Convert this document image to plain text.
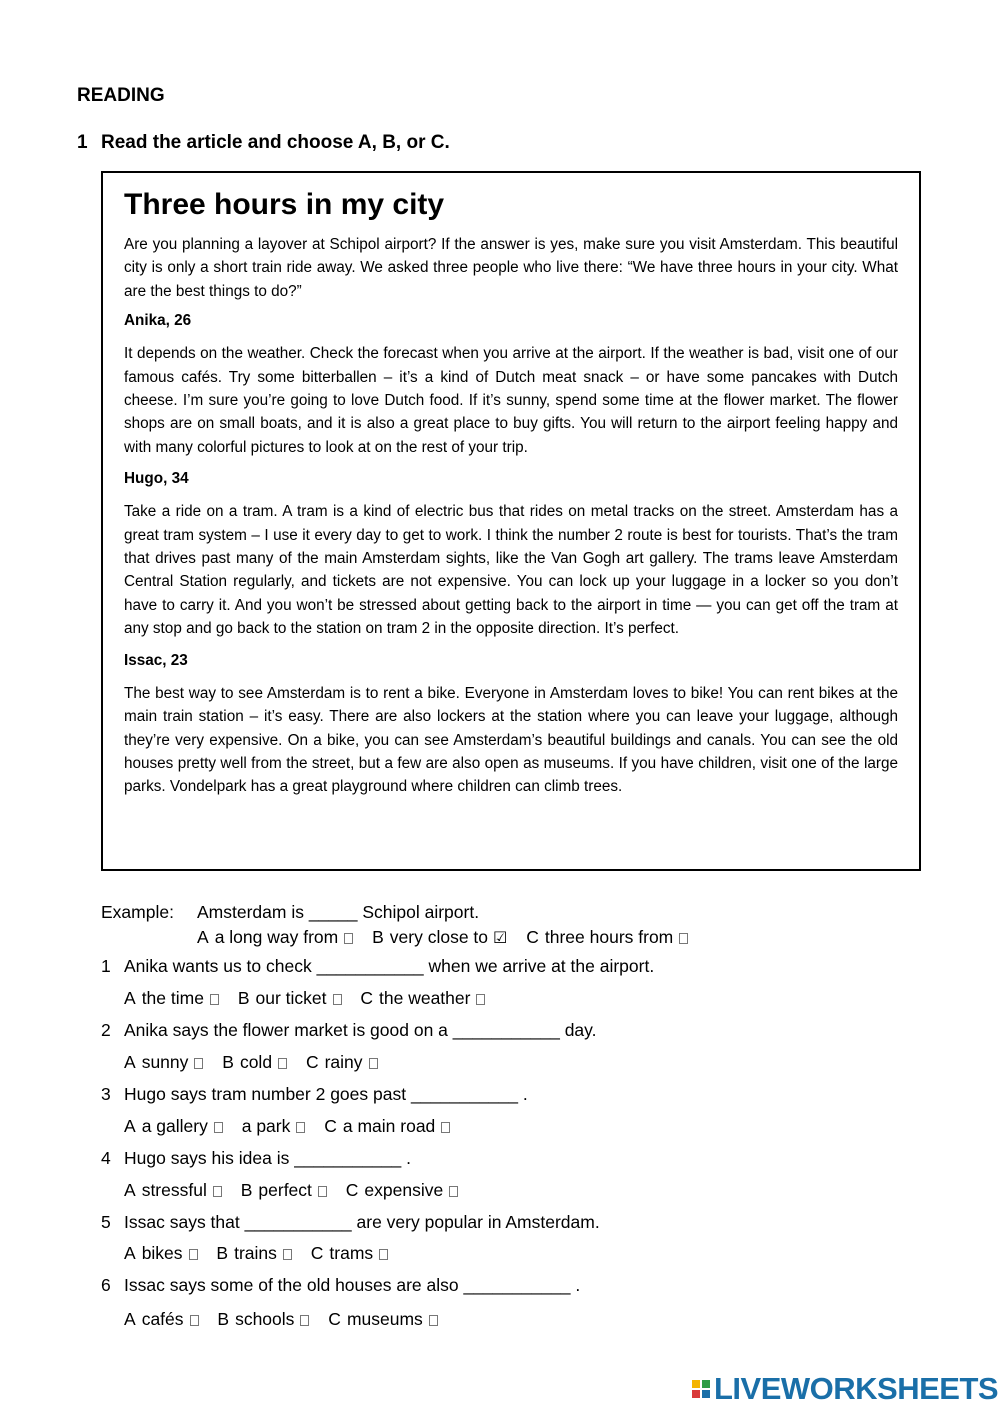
READING
1 Read the article and choose A, B, or C.
Three hours in my city

Are you planning a layover at Schipol airport? If the answer is yes, make sure you visit Amsterdam. This beautiful city is only a short train ride away. We asked three people who live there: “We have three hours in your city. What are the best things to do?”

Anika, 26

It depends on the weather. Check the forecast when you arrive at the airport. If the weather is bad, visit one of our famous cafés. Try some bitterballen – it’s a kind of Dutch meat snack – or have some pancakes with Dutch cheese. I’m sure you’re going to love Dutch food. If it’s sunny, spend some time at the flower market. The flower shops are on small boats, and it is also a great place to buy gifts. You will return to the airport feeling happy and with many colorful pictures to look at on the rest of your trip.

Hugo, 34

Take a ride on a tram. A tram is a kind of electric bus that rides on metal tracks on the street. Amsterdam has a great tram system – I use it every day to get to work. I think the number 2 route is best for tourists. That’s the tram that drives past many of the main Amsterdam sights, like the Van Gogh art gallery. The trams leave Amsterdam Central Station regularly, and tickets are not expensive. You can lock up your luggage in a locker so you don’t have to carry it. And you won’t be stressed about getting back to the airport in time — you can get off the tram at any stop and go back to the station on tram 2 in the opposite direction. It’s perfect.

Issac, 23

The best way to see Amsterdam is to rent a bike. Everyone in Amsterdam loves to bike! You can rent bikes at the main train station – it’s easy. There are also lockers at the station where you can leave your luggage, although they’re very expensive. On a bike, you can see Amsterdam’s beautiful buildings and canals. You can see the old houses pretty well from the street, but a few are also open as museums. If you have children, visit one of the large parks. Vondelpark has a great playground where children can climb trees.

Example: Amsterdam is _____ Schipol airport.
A a long way from B very close to ☑ C three hours from
1 Anika wants us to check ___________ when we arrive at the airport.
A the time B our ticket C the weather
2 Anika says the flower market is good on a ___________ day.
A sunny B cold C rainy
3 Hugo says tram number 2 goes past ___________ .
A a gallery a park C a main road
4 Hugo says his idea is ___________ .
A stressful B perfect C expensive
5 Issac says that ___________ are very popular in Amsterdam.
A bikes B trains C trams
6 Issac says some of the old houses are also ___________ .
A cafés B schools C museums
LIVEWORKSHEETS
